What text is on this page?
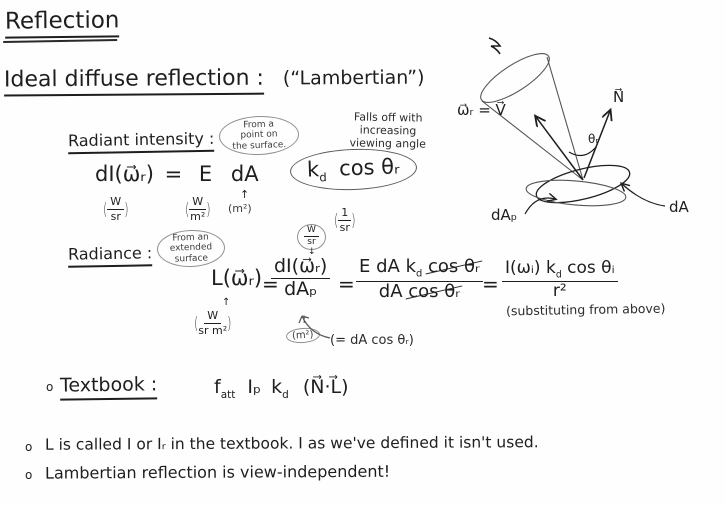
Reflection
Ideal diffuse reflection : (“Lambertian”)
Radiant intensity :
From a
point on
the surface.
Falls off with
increasing
viewing angle
dI(ω⃗ᵣ) = E dA	$k_d$ cos θᵣ
( $\frac{W}{sr}$ )	( $\frac{W}{\text{m²}}$ )
↑
(m²)
( $\frac{1}{sr}$ )
Radiance :
From an
extended
surface
$\frac{W}{sr}$
↓
L(ω⃗ᵣ)
↑
( $\frac{W}{\text{sr m²}}$ )
=
dI(ω⃗ᵣ)
dAₚ
↑
(m²)
= $\frac{E dA k_d \cos \theta ᵣ}{\text{dA cos θᵣ}} = \frac{I(\omega ᵢ) k_d \cos \theta ᵢ}{\text{r²}}$
(substituting from above)
(= dA cos θᵣ)
o Textbook :	$f_{att}$ Iₚ $k_d$ (N⃗·L⃗)
o L is called I or Iᵣ in the textbook. I as we've defined it isn't used.
o Lambertian reflection is view-independent!
ω⃗ᵣ = V⃗
N⃗
θᵣ
dAₚ	dA
